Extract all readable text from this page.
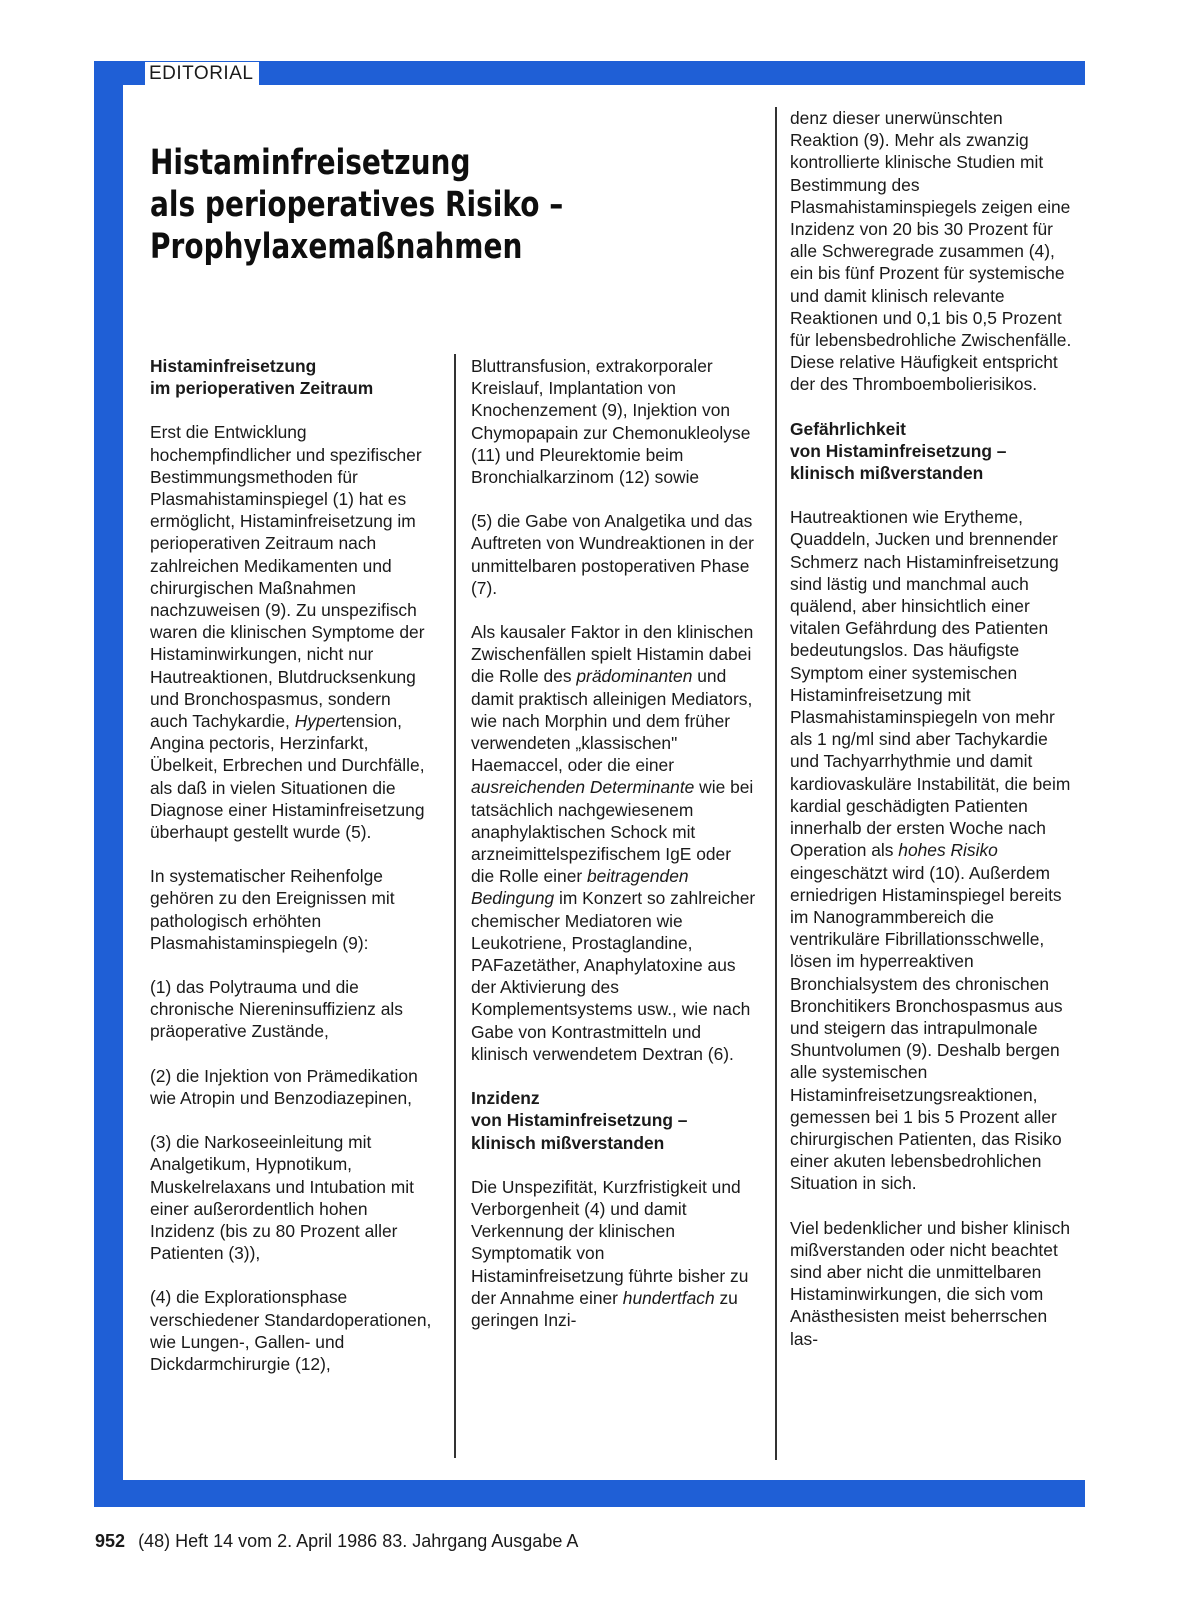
EDITORIAL
Histaminfreisetzung
als perioperatives Risiko –
Prophylaxemaßnahmen
Histaminfreisetzung
im perioperativen Zeitraum

Erst die Entwicklung hochempfindlicher und spezifischer Bestimmungsmethoden für Plasmahistaminspiegel (1) hat es ermöglicht, Histaminfreisetzung im perioperativen Zeitraum nach zahlreichen Medikamenten und chirurgischen Maßnahmen nachzuweisen (9). Zu unspezifisch waren die klinischen Symptome der Histaminwirkungen, nicht nur Hautreaktionen, Blutdrucksenkung und Bronchospasmus, sondern auch Tachykardie, Hypertension, Angina pectoris, Herzinfarkt, Übelkeit, Erbrechen und Durchfälle, als daß in vielen Situationen die Diagnose einer Histaminfreisetzung überhaupt gestellt wurde (5).

In systematischer Reihenfolge gehören zu den Ereignissen mit pathologisch erhöhten Plasmahistaminspiegeln (9):

(1) das Polytrauma und die chronische Niereninsuffizienz als präoperative Zustände,

(2) die Injektion von Prämedikation wie Atropin und Benzodiazepinen,

(3) die Narkoseeinleitung mit Analgetikum, Hypnotikum, Muskelrelaxans und Intubation mit einer außerordentlich hohen Inzidenz (bis zu 80 Prozent aller Patienten (3)),

(4) die Explorationsphase verschiedener Standardoperationen, wie Lungen-, Gallen- und Dickdarmchirurgie (12),

Bluttransfusion, extrakorporaler Kreislauf, Implantation von Knochenzement (9), Injektion von Chymopapain zur Chemonukleolyse (11) und Pleurektomie beim Bronchialkarzinom (12) sowie

(5) die Gabe von Analgetika und das Auftreten von Wundreaktionen in der unmittelbaren postoperativen Phase (7).

Als kausaler Faktor in den klinischen Zwischenfällen spielt Histamin dabei die Rolle des prädominanten und damit praktisch alleinigen Mediators, wie nach Morphin und dem früher verwendeten „klassischen" Haemaccel, oder die einer ausreichenden Determinante wie bei tatsächlich nachgewiesenem anaphylaktischen Schock mit arzneimittelspezifischem IgE oder die Rolle einer beitragenden Bedingung im Konzert so zahlreicher chemischer Mediatoren wie Leukotriene, Prostaglandine, PAFazetäther, Anaphylatoxine aus der Aktivierung des Komplementsystems usw., wie nach Gabe von Kontrastmitteln und klinisch verwendetem Dextran (6).

Inzidenz
von Histaminfreisetzung –
klinisch mißverstanden

Die Unspezifität, Kurzfristigkeit und Verborgenheit (4) und damit Verkennung der klinischen Symptomatik von Histaminfreisetzung führte bisher zu der Annahme einer hundertfach zu geringen Inzi-

denz dieser unerwünschten Reaktion (9). Mehr als zwanzig kontrollierte klinische Studien mit Bestimmung des Plasmahistaminspiegels zeigen eine Inzidenz von 20 bis 30 Prozent für alle Schweregrade zusammen (4), ein bis fünf Prozent für systemische und damit klinisch relevante Reaktionen und 0,1 bis 0,5 Prozent für lebensbedrohliche Zwischenfälle. Diese relative Häufigkeit entspricht der des Thromboembolierisikos.

Gefährlichkeit
von Histaminfreisetzung –
klinisch mißverstanden

Hautreaktionen wie Erytheme, Quaddeln, Jucken und brennender Schmerz nach Histaminfreisetzung sind lästig und manchmal auch quälend, aber hinsichtlich einer vitalen Gefährdung des Patienten bedeutungslos. Das häufigste Symptom einer systemischen Histaminfreisetzung mit Plasmahistaminspiegeln von mehr als 1 ng/ml sind aber Tachykardie und Tachyarrhythmie und damit kardiovaskuläre Instabilität, die beim kardial geschädigten Patienten innerhalb der ersten Woche nach Operation als hohes Risiko eingeschätzt wird (10). Außerdem erniedrigen Histaminspiegel bereits im Nanogrammbereich die ventrikuläre Fibrillationsschwelle, lösen im hyperreaktiven Bronchialsystem des chronischen Bronchitikers Bronchospasmus aus und steigern das intrapulmonale Shuntvolumen (9). Deshalb bergen alle systemischen Histaminfreisetzungsreaktionen, gemessen bei 1 bis 5 Prozent aller chirurgischen Patienten, das Risiko einer akuten lebensbedrohlichen Situation in sich.

Viel bedenklicher und bisher klinisch mißverstanden oder nicht beachtet sind aber nicht die unmittelbaren Histaminwirkungen, die sich vom Anästhesisten meist beherrschen las-

952 (48) Heft 14 vom 2. April 1986 83. Jahrgang Ausgabe A
